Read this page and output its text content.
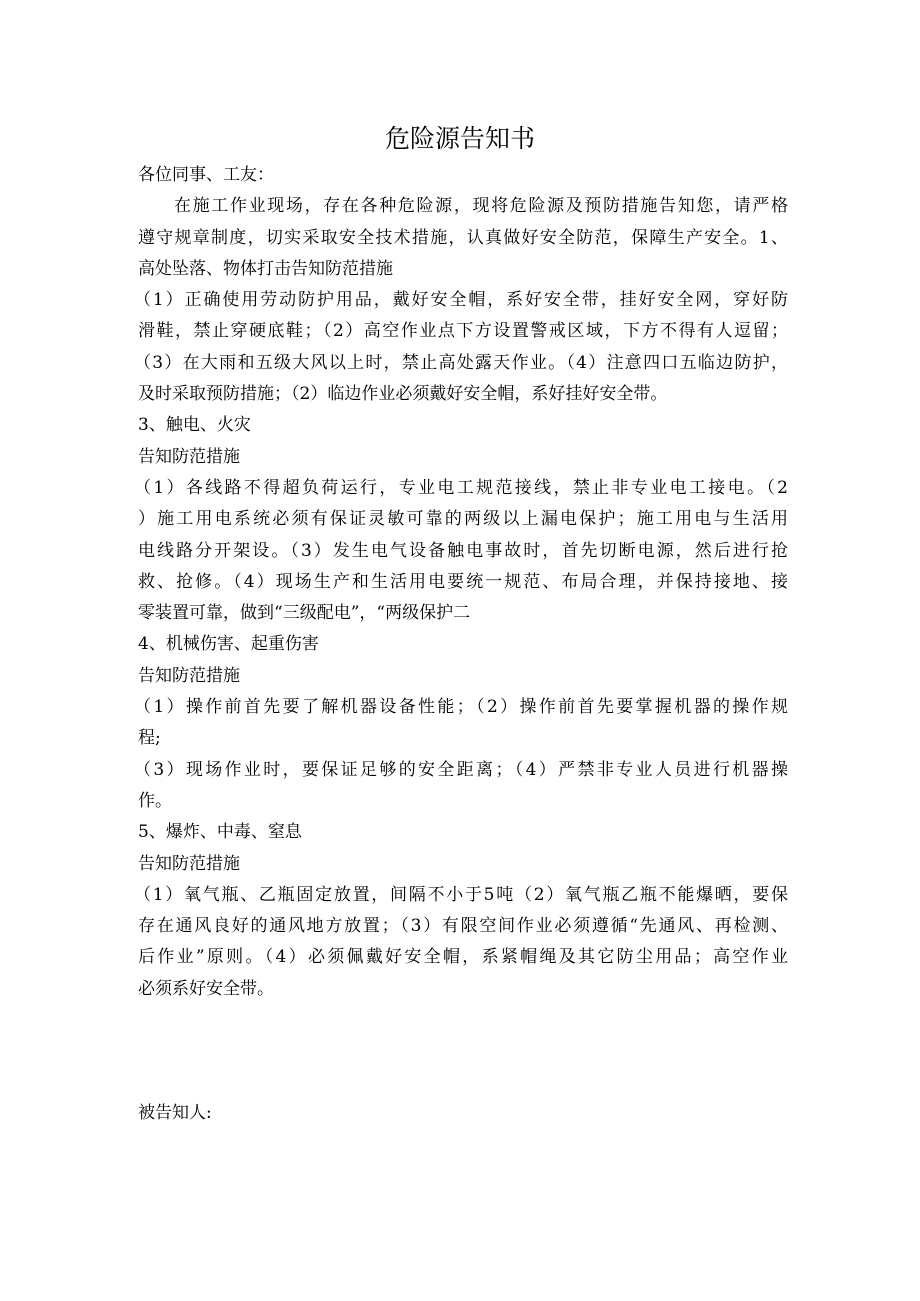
危险源告知书
各位同事、工友：
在施工作业现场，存在各种危险源，现将危险源及预防措施告知您，请严格
遵守规章制度，切实采取安全技术措施，认真做好安全防范，保障生产安全。1、
高处坠落、物体打击告知防范措施
（1）正确使用劳动防护用品，戴好安全帽，系好安全带，挂好安全网，穿好防
滑鞋，禁止穿硬底鞋；（2）高空作业点下方设置警戒区域，下方不得有人逗留；
（3）在大雨和五级大风以上时，禁止高处露天作业。（4）注意四口五临边防护，
及时采取预防措施；（2）临边作业必须戴好安全帽，系好挂好安全带。
3、触电、火灾
告知防范措施
（1）各线路不得超负荷运行，专业电工规范接线，禁止非专业电工接电。（2
）施工用电系统必须有保证灵敏可靠的两级以上漏电保护；施工用电与生活用
电线路分开架设。（3）发生电气设备触电事故时，首先切断电源，然后进行抢
救、抢修。（4）现场生产和生活用电要统一规范、布局合理，并保持接地、接
零装置可靠，做到“三级配电”，“两级保护二
4、机械伤害、起重伤害
告知防范措施
（1）操作前首先要了解机器设备性能；（2）操作前首先要掌握机器的操作规
程;
（3）现场作业时，要保证足够的安全距离；（4）严禁非专业人员进行机器操
作。
5、爆炸、中毒、窒息
告知防范措施
（1）氧气瓶、乙瓶固定放置，间隔不小于5吨（2）氧气瓶乙瓶不能爆晒，要保
存在通风良好的通风地方放置；（3）有限空间作业必须遵循“先通风、再检测、
后作业”原则。（4）必须佩戴好安全帽，系紧帽绳及其它防尘用品；高空作业
必须系好安全带。
被告知人:
